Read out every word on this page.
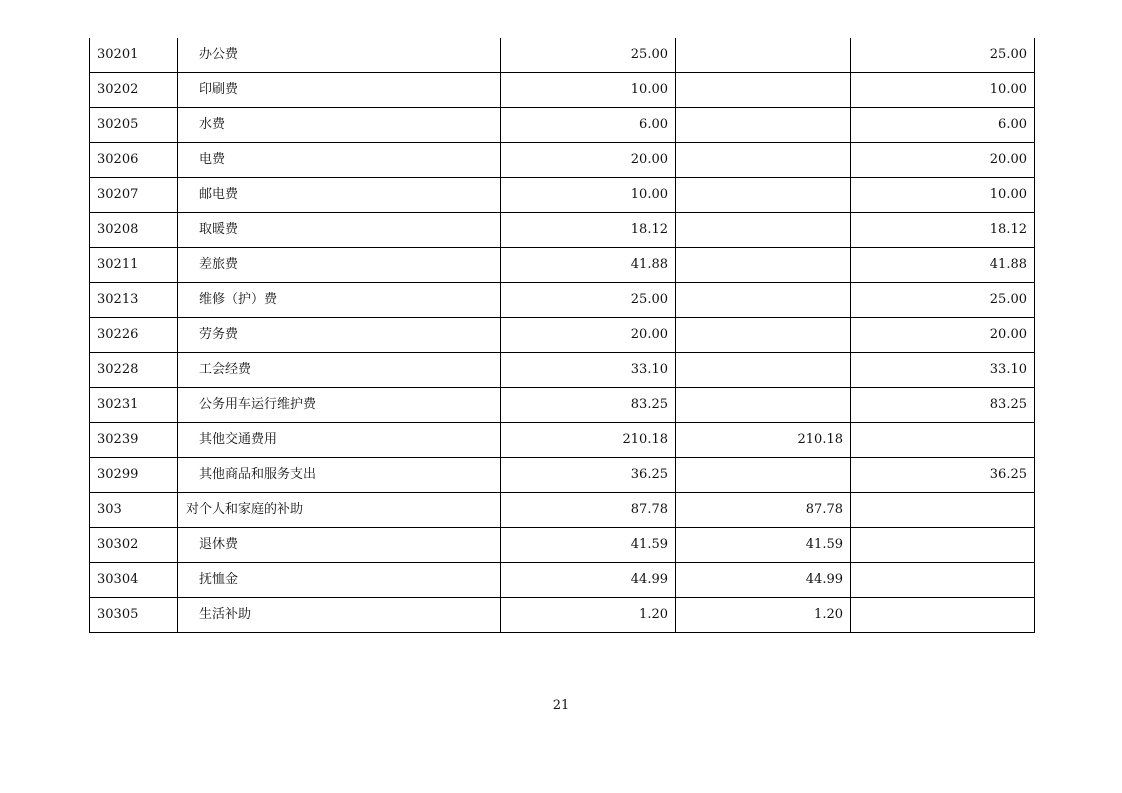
30201	办公费	25.00		25.00
30202	印刷费	10.00		10.00
30205	水费	6.00		6.00
30206	电费	20.00		20.00
30207	邮电费	10.00		10.00
30208	取暖费	18.12		18.12
30211	差旅费	41.88		41.88
30213	维修（护）费	25.00		25.00
30226	劳务费	20.00		20.00
30228	工会经费	33.10		33.10
30231	公务用车运行维护费	83.25		83.25
30239	其他交通费用	210.18	210.18	
30299	其他商品和服务支出	36.25		36.25
303	对个人和家庭的补助	87.78	87.78	
30302	退休费	41.59	41.59	
30304	抚恤金	44.99	44.99	
30305	生活补助	1.20	1.20	
21
